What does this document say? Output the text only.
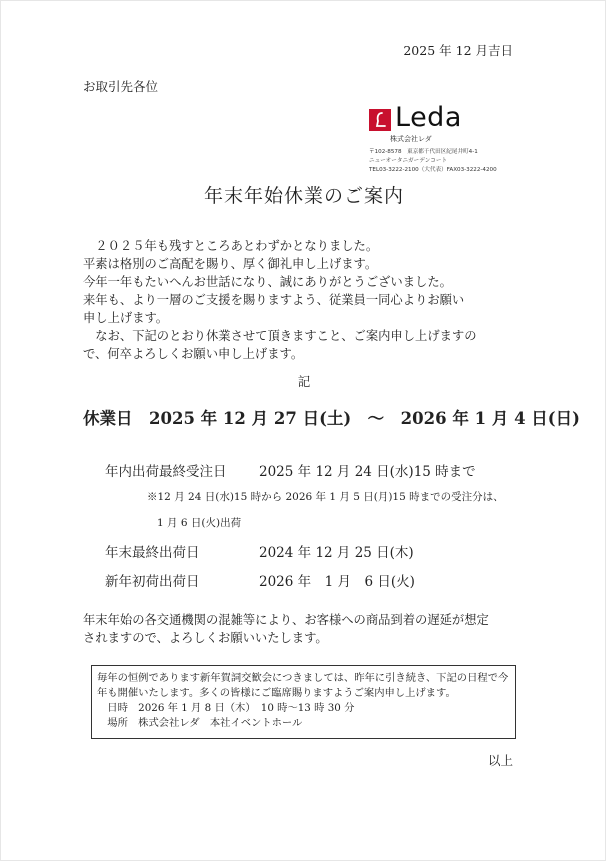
2025 年 12 月吉日
お取引先各位
Leda
株式会社レダ
〒102-8578　東京都千代田区紀尾井町4-1
ニューオータニガーデンコート
TEL03-3222-2100（大代表）FAX03-3222-4200
年末年始休業のご案内
　２０２５年も残すところあとわずかとなりました。
平素は格別のご高配を賜り、厚く御礼申し上げます。
今年一年もたいへんお世話になり、誠にありがとうございました。
来年も、より一層のご支援を賜りますよう、従業員一同心よりお願い
申し上げます。
　なお、下記のとおり休業させて頂きますこと、ご案内申し上げますの
で、何卒よろしくお願い申し上げます。
記
休業日　2025 年 12 月 27 日(土)　～　2026 年 1 月 4 日(日)
年内出荷最終受注日 2025 年 12 月 24 日(水)15 時まで
※12 月 24 日(水)15 時から 2026 年 1 月 5 日(月)15 時までの受注分は、
1 月 6 日(火)出荷
年末最終出荷日	2024 年 12 月 25 日(木)
新年初荷出荷日	2026 年　1 月　6 日(火)
年末年始の各交通機関の混雑等により、お客様への商品到着の遅延が想定
されますので、よろしくお願いいたします。
毎年の恒例であります新年賀詞交歓会につきましては、昨年に引き続き、下記の日程で今
年も開催いたします。多くの皆様にご臨席賜りますようご案内申し上げます。
　日時　2026 年 1 月 8 日（木）　10 時～13 時 30 分
　場所　株式会社レダ　本社イベントホール
以上
